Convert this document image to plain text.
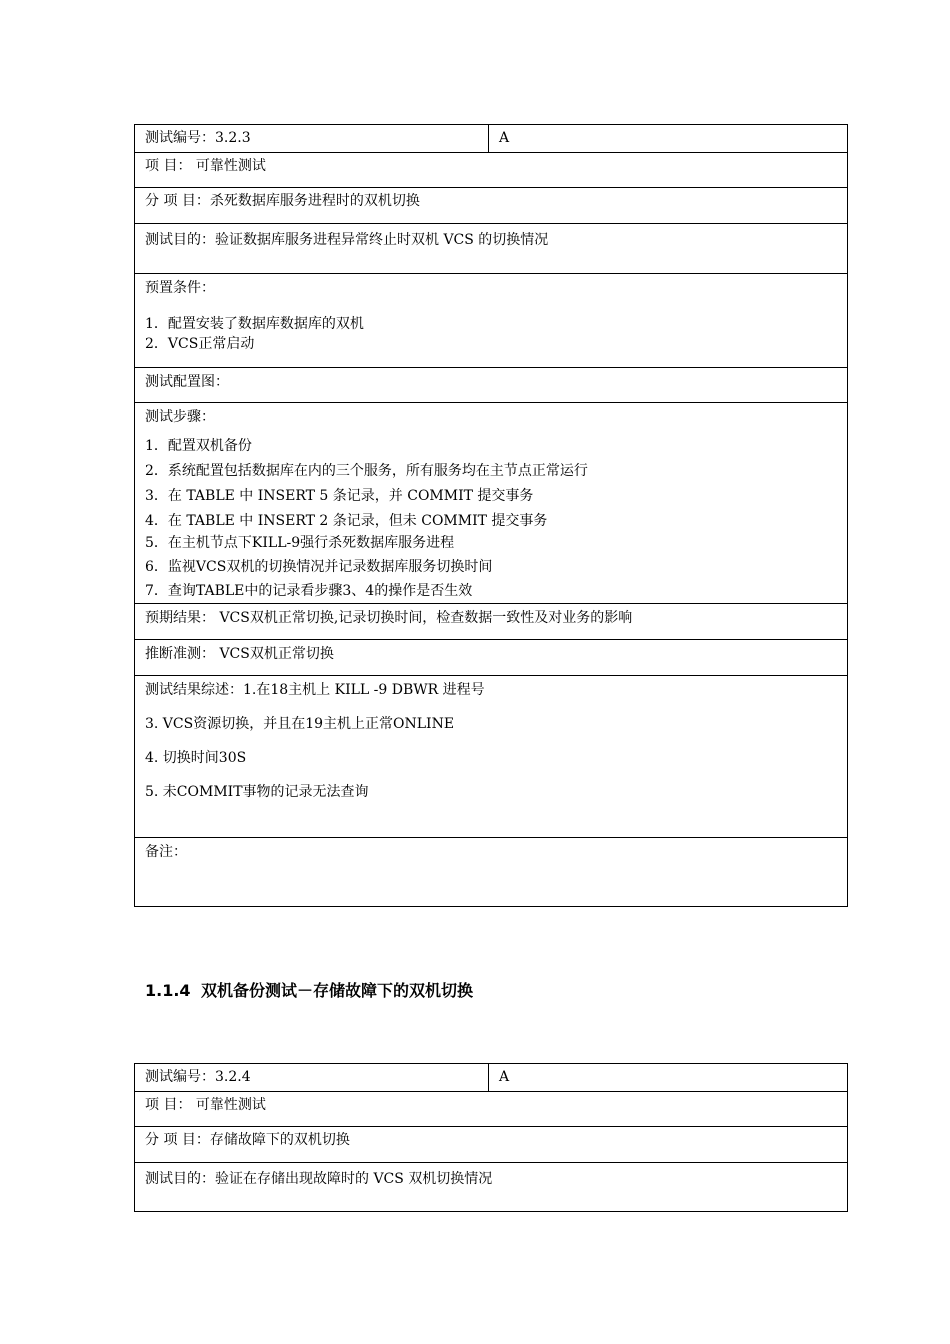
测试编号：3.2.3	A
项 目： 可靠性测试
分 项 目：杀死数据库服务进程时的双机切换
测试目的：验证数据库服务进程异常终止时双机 VCS 的切换情况
预置条件：
1．配置安装了数据库数据库的双机
2．VCS正常启动
测试配置图：
测试步骤：
1．配置双机备份
2．系统配置包括数据库在内的三个服务，所有服务均在主节点正常运行
3．在 TABLE 中 INSERT 5 条记录，并 COMMIT 提交事务
4．在 TABLE 中 INSERT 2 条记录，但未 COMMIT 提交事务
5．在主机节点下KILL-9强行杀死数据库服务进程
6．监视VCS双机的切换情况并记录数据库服务切换时间
7．查询TABLE中的记录看步骤3、4的操作是否生效
预期结果： VCS双机正常切换,记录切换时间，检查数据一致性及对业务的影响
推断准测： VCS双机正常切换
测试结果综述：1.在18主机上 KILL -9 DBWR 进程号
3. VCS资源切换，并且在19主机上正常ONLINE
4. 切换时间30S
5. 未COMMIT事物的记录无法查询
备注：
1.1.4 双机备份测试－存储故障下的双机切换
测试编号：3.2.4	A
项 目： 可靠性测试
分 项 目：存储故障下的双机切换
测试目的：验证在存储出现故障时的 VCS 双机切换情况
